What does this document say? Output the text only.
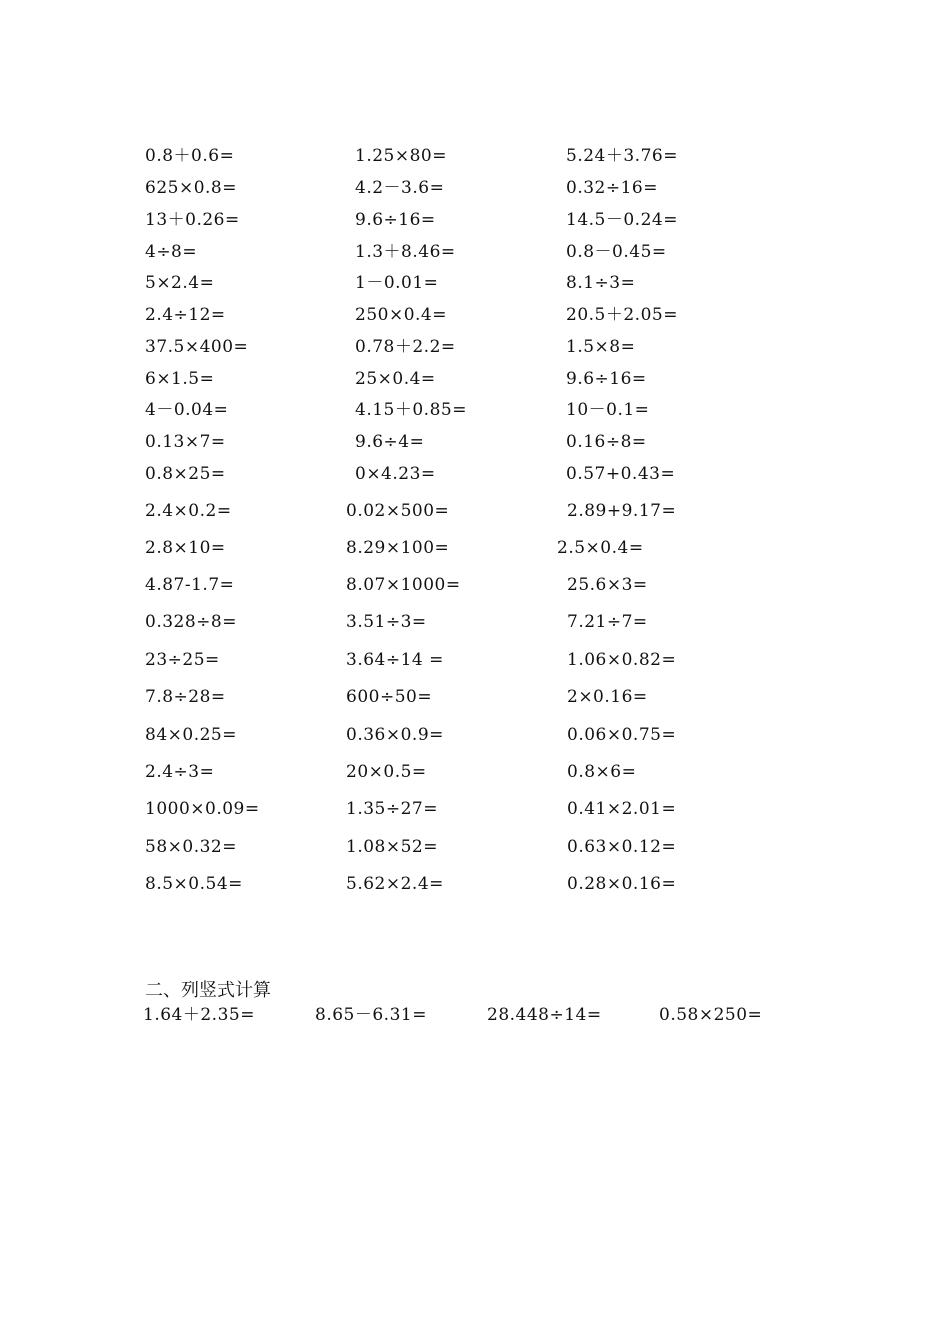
0.8＋0.6=	1.25×80=	5.24＋3.76=
625×0.8=	4.2－3.6=	0.32÷16=
13＋0.26=	9.6÷16=	14.5－0.24=
4÷8=	1.3＋8.46=	0.8－0.45=
5×2.4=	1－0.01=	8.1÷3=
2.4÷12=	250×0.4=	20.5＋2.05=
37.5×400=	0.78＋2.2=	1.5×8=
6×1.5=	25×0.4=	9.6÷16=
4－0.04=	4.15＋0.85=	10－0.1=
0.13×7=	9.6÷4=	0.16÷8=
0.8×25=	0×4.23=	0.57+0.43=
2.4×0.2=	0.02×500=	2.89+9.17=
2.8×10=	8.29×100=	2.5×0.4=
4.87-1.7=	8.07×1000=	25.6×3=
0.328÷8=	3.51÷3=	7.21÷7=
23÷25=	3.64÷14 =	1.06×0.82=
7.8÷28=	600÷50=	2×0.16=
84×0.25=	0.36×0.9=	0.06×0.75=
2.4÷3=	20×0.5=	0.8×6=
1000×0.09=	1.35÷27=	0.41×2.01=
58×0.32=	1.08×52=	0.63×0.12=
8.5×0.54=	5.62×2.4=	0.28×0.16=
二、列竖式计算
1.64＋2.35=	8.65－6.31=	28.448÷14=	0.58×250=
